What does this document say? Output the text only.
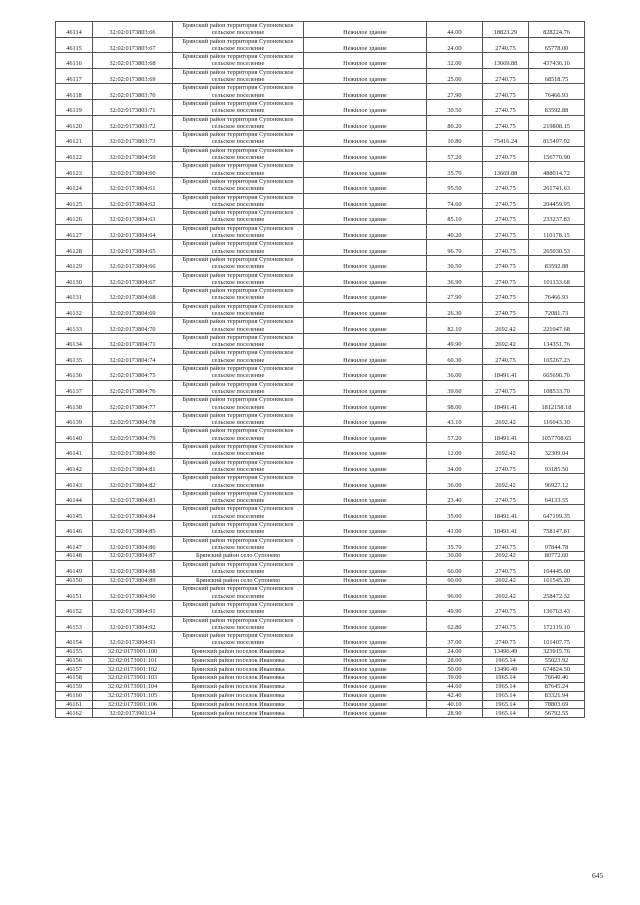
46114	32:02:0173803:66	Брянский район территория Супоневское сельское поселение	Нежилое здание	44.00	18823.29	828224.76
46115	32:02:0173803:67	Брянский район территория Супоневское сельское поселение	Нежилое здание	24.00	2740.75	65778.00
46116	32:02:0173803:68	Брянский район территория Супоневское сельское поселение	Нежилое здание	32.00	13669.88	437436.16
46117	32:02:0173803:69	Брянский район территория Супоневское сельское поселение	Нежилое здание	25.00	2740.75	68518.75
46118	32:02:0173803:70	Брянский район территория Супоневское сельское поселение	Нежилое здание	27.90	2740.75	76466.93
46119	32:02:0173803:71	Брянский район территория Супоневское сельское поселение	Нежилое здание	30.50	2740.75	83592.88
46120	32:02:0173803:72	Брянский район территория Супоневское сельское поселение	Нежилое здание	80.20	2740.75	219808.15
46121	32:02:0173803:73	Брянский район территория Супоневское сельское поселение	Нежилое здание	10.80	75416.24	815497.02
46122	32:02:0173804:59	Брянский район территория Супоневское сельское поселение	Нежилое здание	57.20	2740.75	156770.90
46123	32:02:0173804:60	Брянский район территория Супоневское сельское поселение	Нежилое здание	35.70	13669.88	488014.72
46124	32:02:0173804:61	Брянский район территория Супоневское сельское поселение	Нежилое здание	95.50	2740.75	261741.63
46125	32:02:0173804:62	Брянский район территория Супоневское сельское поселение	Нежилое здание	74.60	2740.75	204459.95
46126	32:02:0173804:63	Брянский район территория Супоневское сельское поселение	Нежилое здание	85.10	2740.75	233237.83
46127	32:02:0173804:64	Брянский район территория Супоневское сельское поселение	Нежилое здание	40.20	2740.75	110178.15
46128	32:02:0173804:65	Брянский район территория Супоневское сельское поселение	Нежилое здание	96.70	2740.75	265030.53
46129	32:02:0173804:66	Брянский район территория Супоневское сельское поселение	Нежилое здание	30.50	2740.75	83592.88
46130	32:02:0173804:67	Брянский район территория Супоневское сельское поселение	Нежилое здание	36.90	2740.75	101133.68
46131	32:02:0173804:68	Брянский район территория Супоневское сельское поселение	Нежилое здание	27.90	2740.75	76466.93
46132	32:02:0173804:69	Брянский район территория Супоневское сельское поселение	Нежилое здание	26.30	2740.75	72081.73
46133	32:02:0173804:70	Брянский район территория Супоневское сельское поселение	Нежилое здание	82.10	2692.42	221047.68
46134	32:02:0173804:71	Брянский район территория Супоневское сельское поселение	Нежилое здание	49.90	2692.42	134351.76
46135	32:02:0173804:74	Брянский район территория Супоневское сельское поселение	Нежилое здание	60.30	2740.75	165267.23
46136	32:02:0173804:75	Брянский район территория Супоневское сельское поселение	Нежилое здание	36.00	18491.41	665690.76
46137	32:02:0173804:76	Брянский район территория Супоневское сельское поселение	Нежилое здание	39.60	2740.75	108533.70
46138	32:02:0173804:77	Брянский район территория Супоневское сельское поселение	Нежилое здание	98.00	18491.41	1812158.18
46139	32:02:0173804:78	Брянский район территория Супоневское сельское поселение	Нежилое здание	43.10	2692.42	116043.30
46140	32:02:0173804:79	Брянский район территория Супоневское сельское поселение	Нежилое здание	57.20	18491.41	1057708.65
46141	32:02:0173804:80	Брянский район территория Супоневское сельское поселение	Нежилое здание	12.00	2692.42	32309.04
46142	32:02:0173804:81	Брянский район территория Супоневское сельское поселение	Нежилое здание	34.00	2740.75	93185.50
46143	32:02:0173804:82	Брянский район территория Супоневское сельское поселение	Нежилое здание	36.00	2692.42	96927.12
46144	32:02:0173804:83	Брянский район территория Супоневское сельское поселение	Нежилое здание	23.40	2740.75	64133.55
46145	32:02:0173804:84	Брянский район территория Супоневское сельское поселение	Нежилое здание	35.00	18491.41	647199.35
46146	32:02:0173804:85	Брянский район территория Супоневское сельское поселение	Нежилое здание	41.00	18491.41	758147.81
46147	32:02:0173804:86	Брянский район территория Супоневское сельское поселение	Нежилое здание	35.70	2740.75	97844.78
46148	32:02:0173804:87	Брянский район село Супонево	Нежилое здание	30.00	2692.42	80772.60
46149	32:02:0173804:88	Брянский район территория Супоневское сельское поселение	Нежилое здание	60.00	2740.75	164445.00
46150	32:02:0173804:89	Брянский район село Супонево	Нежилое здание	60.00	2692.42	161545.20
46151	32:02:0173804:90	Брянский район территория Супоневское сельское поселение	Нежилое здание	96.00	2692.42	258472.32
46152	32:02:0173804:91	Брянский район территория Супоневское сельское поселение	Нежилое здание	49.90	2740.75	136763.43
46153	32:02:0173804:92	Брянский район территория Супоневское сельское поселение	Нежилое здание	62.80	2740.75	172119.10
46154	32:02:0173804:93	Брянский район территория Супоневское сельское поселение	Нежилое здание	37.00	2740.75	101407.75
46155	32:02:0173901:100	Брянский район поселок Ивановка	Нежилое здание	24.00	13496.49	323915.76
46156	32:02:0173901:101	Брянский район поселок Ивановка	Нежилое здание	28.00	1965.14	55023.92
46157	32:02:0173901:102	Брянский район поселок Ивановка	Нежилое здание	50.00	13496.49	674824.50
46158	32:02:0173901:103	Брянский район поселок Ивановка	Нежилое здание	39.00	1965.14	76640.46
46159	32:02:0173901:104	Брянский район поселок Ивановка	Нежилое здание	44.60	1965.14	87645.24
46160	32:02:0173901:105	Брянский район поселок Ивановка	Нежилое здание	42.40	1965.14	83321.94
46161	32:02:0173901:106	Брянский район поселок Ивановка	Нежилое здание	40.10	1965.14	78803.69
46162	32:02:0173901:34	Брянский район поселок Ивановка	Нежилое здание	28.90	1965.14	56792.55
645
